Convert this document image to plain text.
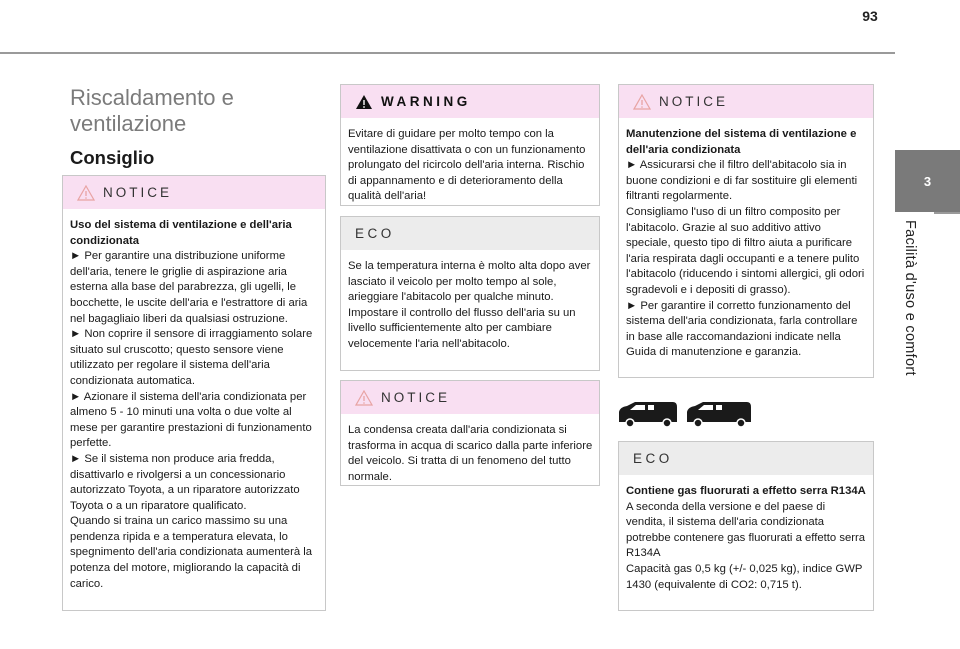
93
3
Facilità d'uso e comfort
Riscaldamento e ventilazione
Consiglio
NOTICE

Uso del sistema di ventilazione e dell'aria condizionata

► Per garantire una distribuzione uniforme dell'aria, tenere le griglie di aspirazione aria esterna alla base del parabrezza, gli ugelli, le bocchette, le uscite dell'aria e l'estrattore di aria nel bagagliaio liberi da qualsiasi ostruzione.
► Non coprire il sensore di irraggiamento solare situato sul cruscotto; questo sensore viene utilizzato per regolare il sistema dell'aria condizionata automatica.
► Azionare il sistema dell'aria condizionata per almeno 5 - 10 minuti una volta o due volte al mese per garantire prestazioni di funzionamento perfette.
► Se il sistema non produce aria fredda, disattivarlo e rivolgersi a un concessionario autorizzato Toyota, a un riparatore autorizzato Toyota o a un riparatore qualificato.
Quando si traina un carico massimo su una pendenza ripida e a temperatura elevata, lo spegnimento dell'aria condizionata aumenterà la potenza del motore, migliorando la capacità di carico.

WARNING

Evitare di guidare per molto tempo con la ventilazione disattivata o con un funzionamento prolungato del ricircolo dell'aria interna. Rischio di appannamento e di deterioramento della qualità dell'aria!

ECO

Se la temperatura interna è molto alta dopo aver lasciato il veicolo per molto tempo al sole, arieggiare l'abitacolo per qualche minuto.
Impostare il controllo del flusso dell'aria su un livello sufficientemente alto per cambiare velocemente l'aria nell'abitacolo.

NOTICE

La condensa creata dall'aria condizionata si trasforma in acqua di scarico dalla parte inferiore del veicolo. Si tratta di un fenomeno del tutto normale.

NOTICE

Manutenzione del sistema di ventilazione e dell'aria condizionata

► Assicurarsi che il filtro dell'abitacolo sia in buone condizioni e di far sostituire gli elementi filtranti regolarmente.
Consigliamo l'uso di un filtro composito per l'abitacolo. Grazie al suo additivo attivo speciale, questo tipo di filtro aiuta a purificare l'aria respirata dagli occupanti e a tenere pulito l'abitacolo (riducendo i sintomi allergici, gli odori sgradevoli e i depositi di grasso).
► Per garantire il corretto funzionamento del sistema dell'aria condizionata, farla controllare in base alle raccomandazioni indicate nella Guida di manutenzione e garanzia.

ECO

Contiene gas fluorurati a effetto serra R134A

A seconda della versione e del paese di vendita, il sistema dell'aria condizionata potrebbe contenere gas fluorurati a effetto serra R134A
Capacità gas 0,5 kg (+/- 0,025 kg), indice GWP 1430 (equivalente di CO2: 0,715 t).
